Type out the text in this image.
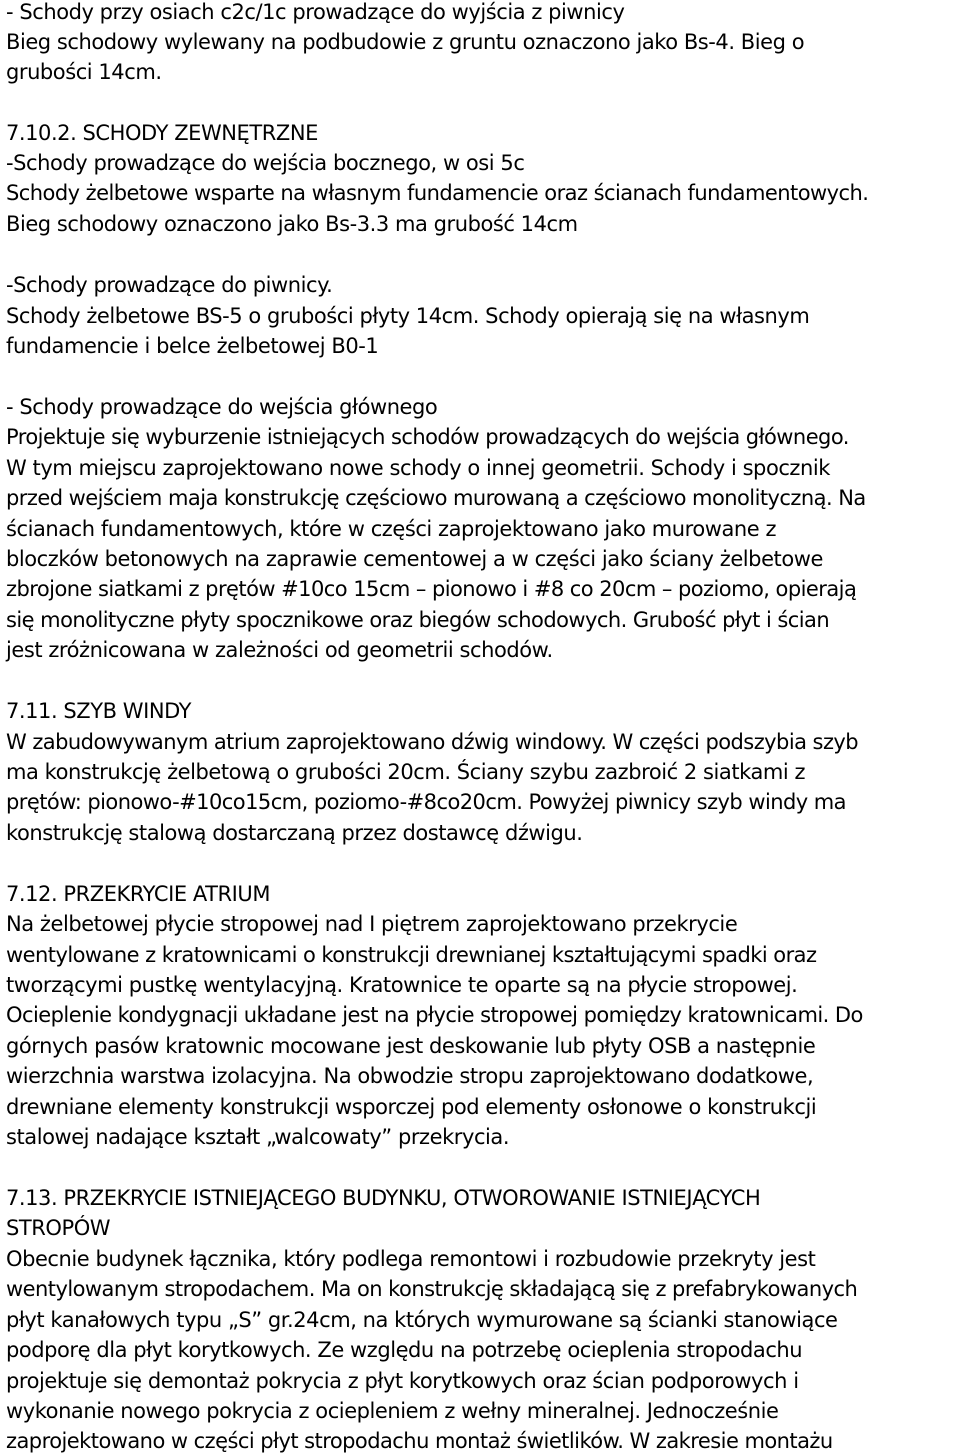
- Schody przy osiach c2c/1c prowadzące do wyjścia z piwnicy
Bieg schodowy wylewany na podbudowie z gruntu oznaczono jako Bs-4. Bieg o
grubości 14cm.
7.10.2. SCHODY ZEWNĘTRZNE
-Schody prowadzące do wejścia bocznego, w osi 5c
Schody żelbetowe wsparte na własnym fundamencie oraz ścianach fundamentowych.
Bieg schodowy oznaczono jako Bs-3.3 ma grubość 14cm
-Schody prowadzące do piwnicy.
Schody żelbetowe BS-5 o grubości płyty 14cm. Schody opierają się na własnym
fundamencie i belce żelbetowej B0-1
- Schody prowadzące do wejścia głównego
Projektuje się wyburzenie istniejących schodów prowadzących do wejścia głównego.
W tym miejscu zaprojektowano nowe schody o innej geometrii. Schody i spocznik
przed wejściem maja konstrukcję częściowo murowaną a częściowo monolityczną. Na
ścianach fundamentowych, które w części zaprojektowano jako murowane z
bloczków betonowych na zaprawie cementowej a w części jako ściany żelbetowe
zbrojone siatkami z prętów #10co 15cm – pionowo i #8 co 20cm – poziomo, opierają
się monolityczne płyty spocznikowe oraz biegów schodowych. Grubość płyt i ścian
jest zróżnicowana w zależności od geometrii schodów.
7.11. SZYB WINDY
W zabudowywanym atrium zaprojektowano dźwig windowy. W części podszybia szyb
ma konstrukcję żelbetową o grubości 20cm. Ściany szybu zazbroić 2 siatkami z
prętów: pionowo-#10co15cm, poziomo-#8co20cm. Powyżej piwnicy szyb windy ma
konstrukcję stalową dostarczaną przez dostawcę dźwigu.
7.12. PRZEKRYCIE ATRIUM
Na żelbetowej płycie stropowej nad I piętrem zaprojektowano przekrycie
wentylowane z kratownicami o konstrukcji drewnianej kształtującymi spadki oraz
tworzącymi pustkę wentylacyjną. Kratownice te oparte są na płycie stropowej.
Ocieplenie kondygnacji układane jest na płycie stropowej pomiędzy kratownicami. Do
górnych pasów kratownic mocowane jest deskowanie lub płyty OSB a następnie
wierzchnia warstwa izolacyjna. Na obwodzie stropu zaprojektowano dodatkowe,
drewniane elementy konstrukcji wsporczej pod elementy osłonowe o konstrukcji
stalowej nadające kształt „walcowaty” przekrycia.
7.13. PRZEKRYCIE ISTNIEJĄCEGO BUDYNKU, OTWOROWANIE ISTNIEJĄCYCH
STROPÓW
Obecnie budynek łącznika, który podlega remontowi i rozbudowie przekryty jest
wentylowanym stropodachem. Ma on konstrukcję składającą się z prefabrykowanych
płyt kanałowych typu „S” gr.24cm, na których wymurowane są ścianki stanowiące
podporę dla płyt korytkowych. Ze względu na potrzebę ocieplenia stropodachu
projektuje się demontaż pokrycia z płyt korytkowych oraz ścian podporowych i
wykonanie nowego pokrycia z ociepleniem z wełny mineralnej. Jednocześnie
zaprojektowano w części płyt stropodachu montaż świetlików. W zakresie montażu
